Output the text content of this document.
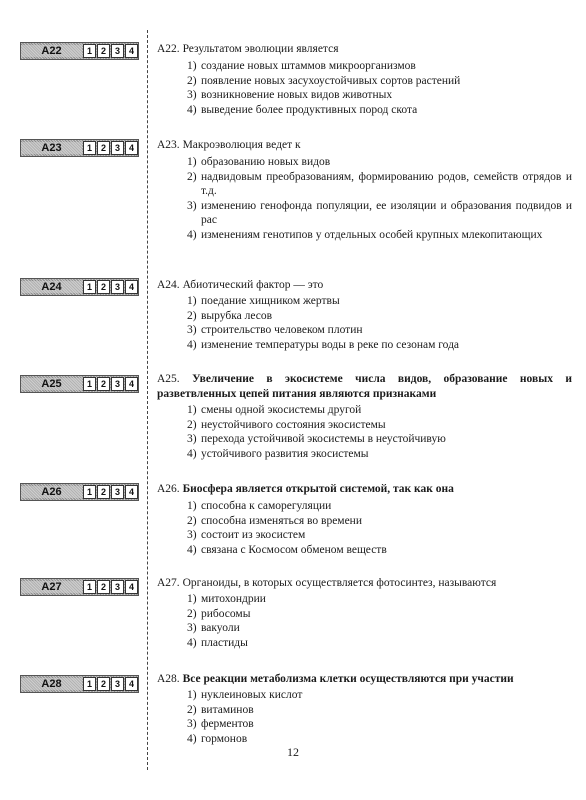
A22	1 2 3 4	А22. Результатом эволюции является
1) создание новых штаммов микроорганизмов
2) появление новых засухоустойчивых сортов растений
3) возникновение новых видов животных
4) выведение более продуктивных пород скота
A23	1 2 3 4	А23. Макроэволюция ведет к
1) образованию новых видов
2) надвидовым преобразованиям, формированию родов, семейств отрядов и т.д.
3) изменению генофонда популяции, ее изоляции и образования подвидов и рас
4) изменениям генотипов у отдельных особей крупных млекопитающих
A24	1 2 3 4	А24. Абиотический фактор — это
1) поедание хищником жертвы
2) вырубка лесов
3) строительство человеком плотин
4) изменение температуры воды в реке по сезонам года
A25	1 2 3 4	А25. Увеличение в экосистеме числа видов, образование новых и разветвленных цепей питания являются признаками
1) смены одной экосистемы другой
2) неустойчивого состояния экосистемы
3) перехода устойчивой экосистемы в неустойчивую
4) устойчивого развития экосистемы
A26	1 2 3 4	А26. Биосфера является открытой системой, так как она
1) способна к саморегуляции
2) способна изменяться во времени
3) состоит из экосистем
4) связана с Космосом обменом веществ
A27	1 2 3 4	А27. Органоиды, в которых осуществляется фотосинтез, называются
1) митохондрии
2) рибосомы
3) вакуоли
4) пластиды
A28	1 2 3 4	А28. Все реакции метаболизма клетки осуществляются при участии
1) нуклеиновых кислот
2) витаминов
3) ферментов
4) гормонов
12
